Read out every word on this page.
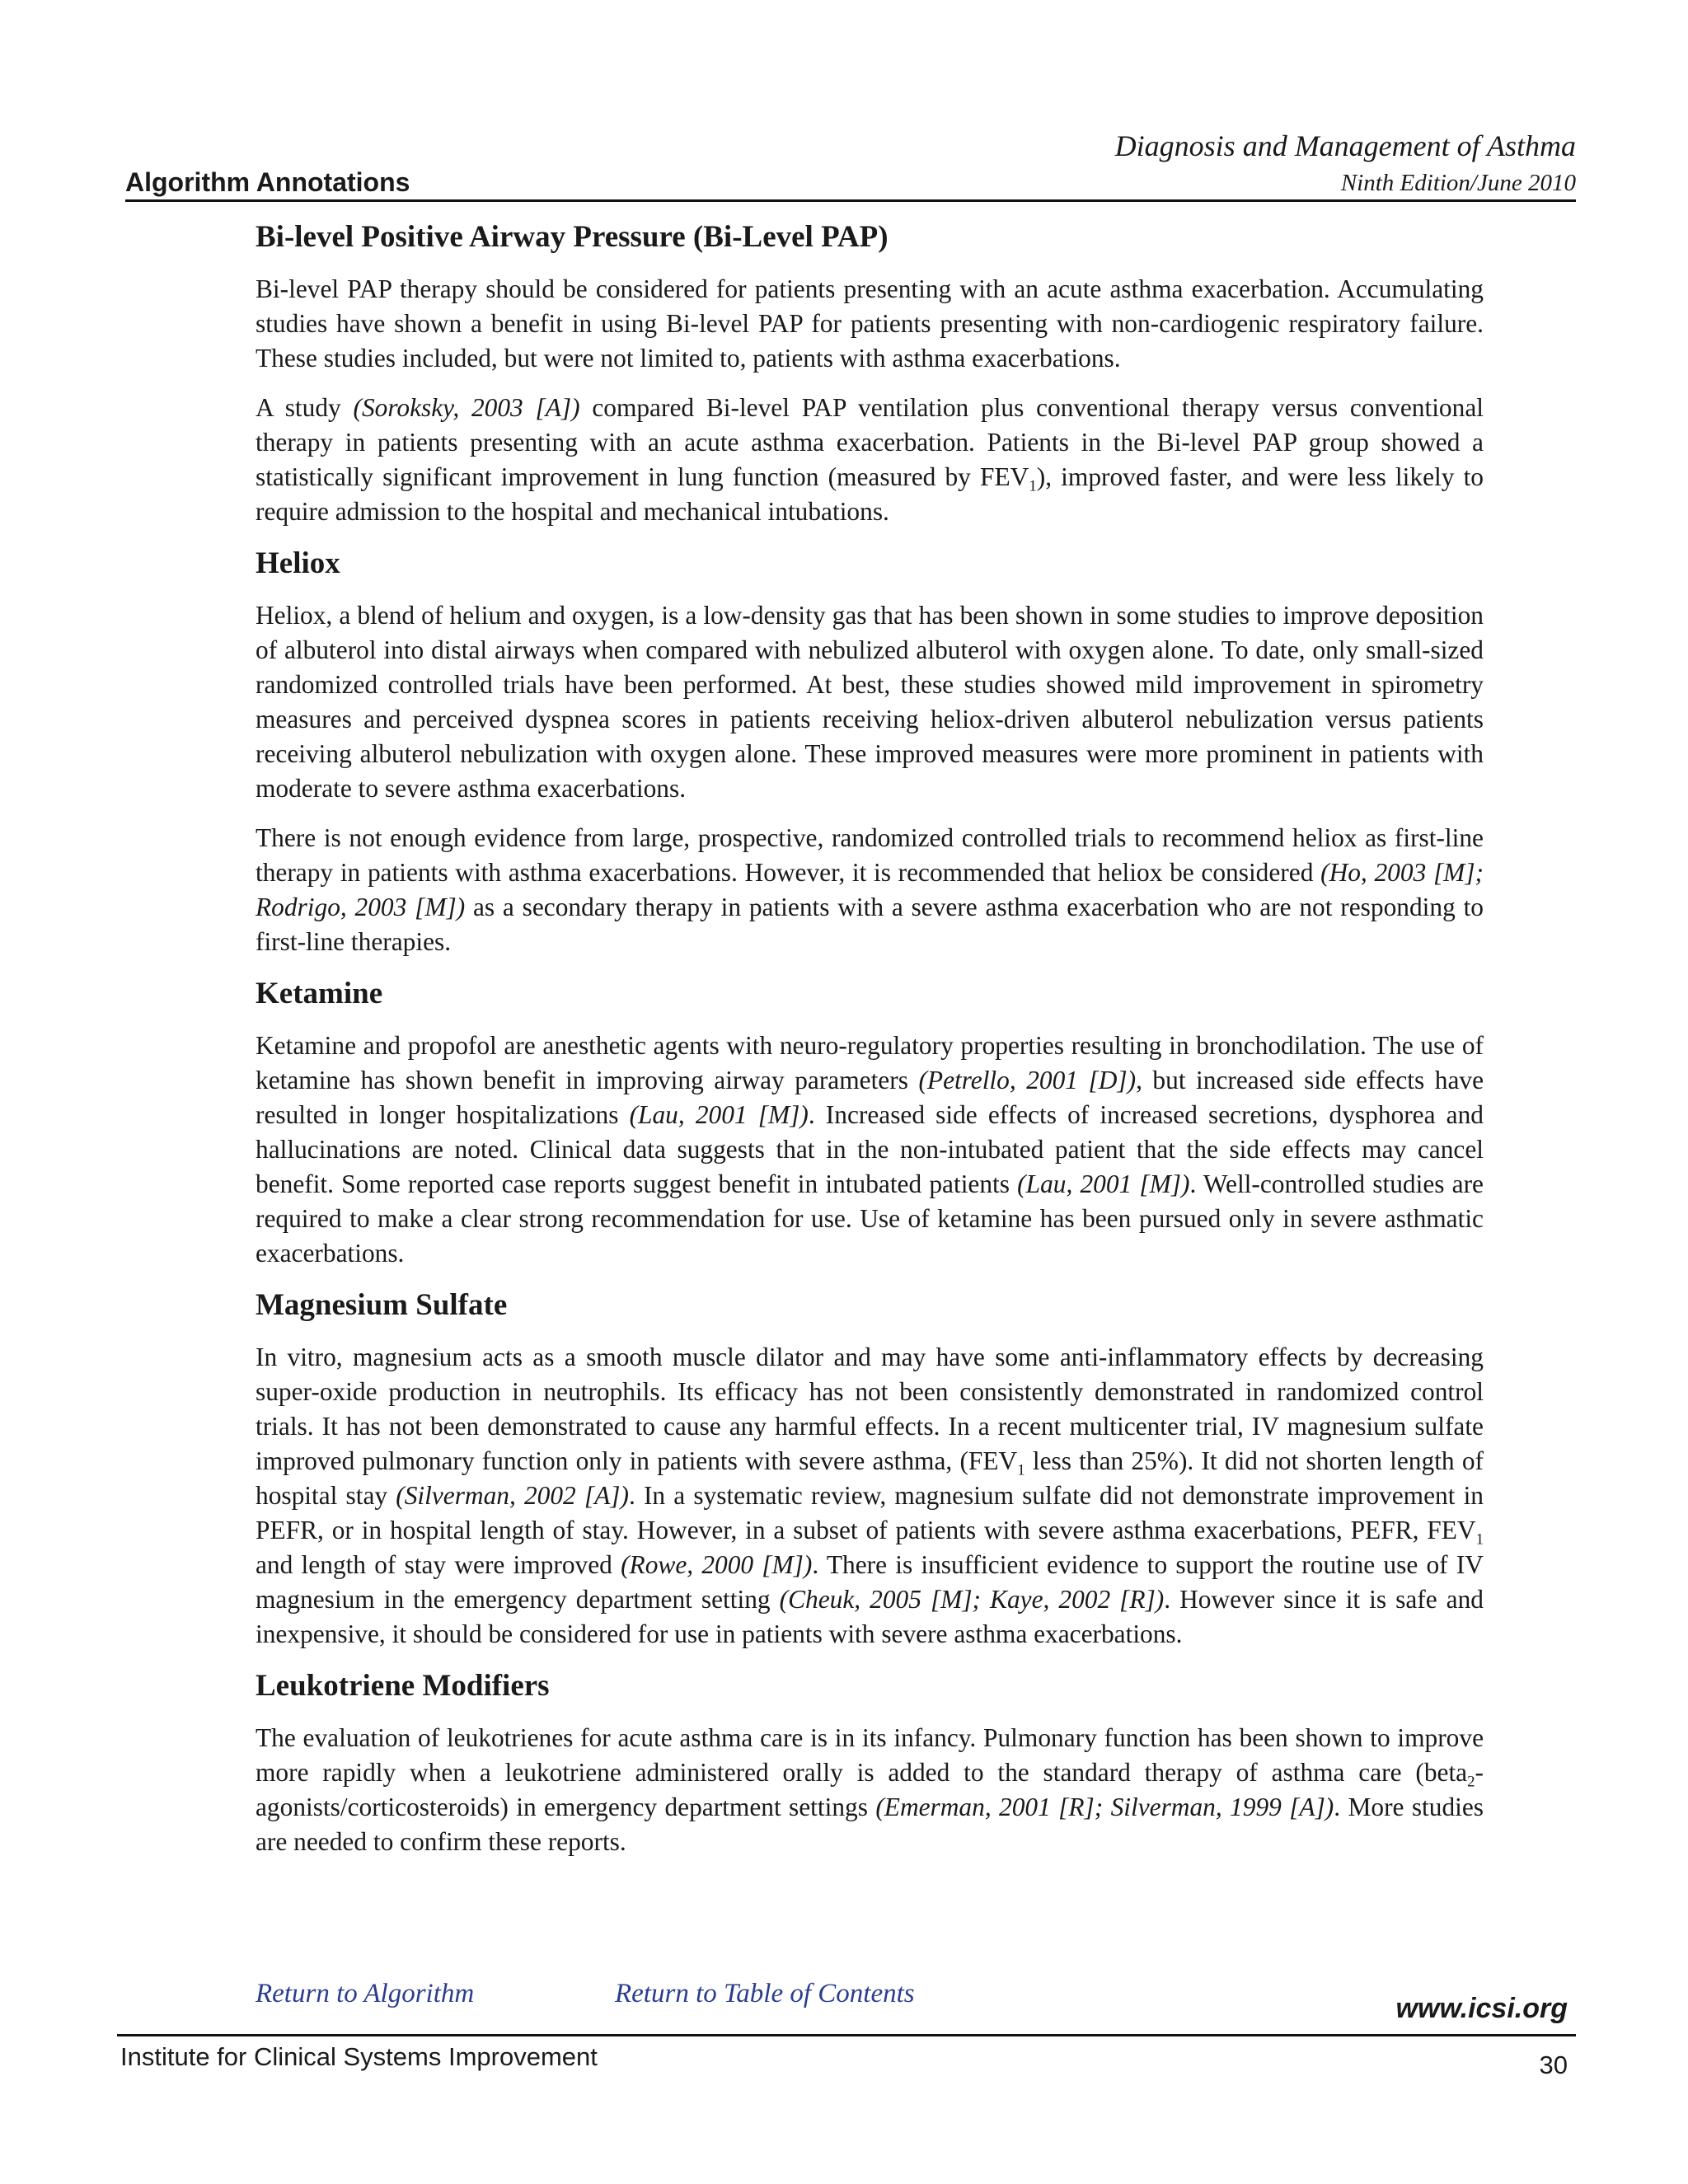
Diagnosis and Management of Asthma
Algorithm Annotations	Ninth Edition/June 2010
Bi-level Positive Airway Pressure (Bi-Level PAP)

Bi-level PAP therapy should be considered for patients presenting with an acute asthma exacerbation. Accumulating studies have shown a benefit in using Bi-level PAP for patients presenting with non-cardiogenic respiratory failure. These studies included, but were not limited to, patients with asthma exacerbations.

A study (Soroksky, 2003 [A]) compared Bi-level PAP ventilation plus conventional therapy versus conventional therapy in patients presenting with an acute asthma exacerbation. Patients in the Bi-level PAP group showed a statistically significant improvement in lung function (measured by $FEV_1$), improved faster, and were less likely to require admission to the hospital and mechanical intubations.

Heliox

Heliox, a blend of helium and oxygen, is a low-density gas that has been shown in some studies to improve deposition of albuterol into distal airways when compared with nebulized albuterol with oxygen alone. To date, only small-sized randomized controlled trials have been performed. At best, these studies showed mild improvement in spirometry measures and perceived dyspnea scores in patients receiving heliox-driven albuterol nebulization versus patients receiving albuterol nebulization with oxygen alone. These improved measures were more prominent in patients with moderate to severe asthma exacerbations.

There is not enough evidence from large, prospective, randomized controlled trials to recommend heliox as first-line therapy in patients with asthma exacerbations. However, it is recommended that heliox be considered (Ho, 2003 [M]; Rodrigo, 2003 [M]) as a secondary therapy in patients with a severe asthma exacerbation who are not responding to first-line therapies.

Ketamine

Ketamine and propofol are anesthetic agents with neuro-regulatory properties resulting in bronchodilation. The use of ketamine has shown benefit in improving airway parameters (Petrello, 2001 [D]), but increased side effects have resulted in longer hospitalizations (Lau, 2001 [M]). Increased side effects of increased secretions, dysphorea and hallucinations are noted. Clinical data suggests that in the non-intubated patient that the side effects may cancel benefit. Some reported case reports suggest benefit in intubated patients (Lau, 2001 [M]). Well-controlled studies are required to make a clear strong recommendation for use. Use of ketamine has been pursued only in severe asthmatic exacerbations.

Magnesium Sulfate

In vitro, magnesium acts as a smooth muscle dilator and may have some anti-inflammatory effects by decreasing super-oxide production in neutrophils. Its efficacy has not been consistently demonstrated in randomized control trials. It has not been demonstrated to cause any harmful effects. In a recent multicenter trial, IV magnesium sulfate improved pulmonary function only in patients with severe asthma, ($FEV_1$ less than 25%). It did not shorten length of hospital stay (Silverman, 2002 [A]). In a systematic review, magnesium sulfate did not demonstrate improvement in PEFR, or in hospital length of stay. However, in a subset of patients with severe asthma exacerbations, PEFR, $FEV_1$ and length of stay were improved (Rowe, 2000 [M]). There is insufficient evidence to support the routine use of IV magnesium in the emergency department setting (Cheuk, 2005 [M]; Kaye, 2002 [R]). However since it is safe and inexpensive, it should be considered for use in patients with severe asthma exacerbations.

Leukotriene Modifiers

The evaluation of leukotrienes for acute asthma care is in its infancy. Pulmonary function has been shown to improve more rapidly when a leukotriene administered orally is added to the standard therapy of asthma care (beta$_2$-agonists/corticosteroids) in emergency department settings (Emerman, 2001 [R]; Silverman, 1999 [A]). More studies are needed to confirm these reports.

Return to Algorithm	Return to Table of Contents	www.icsi.org
Institute for Clinical Systems Improvement	30
